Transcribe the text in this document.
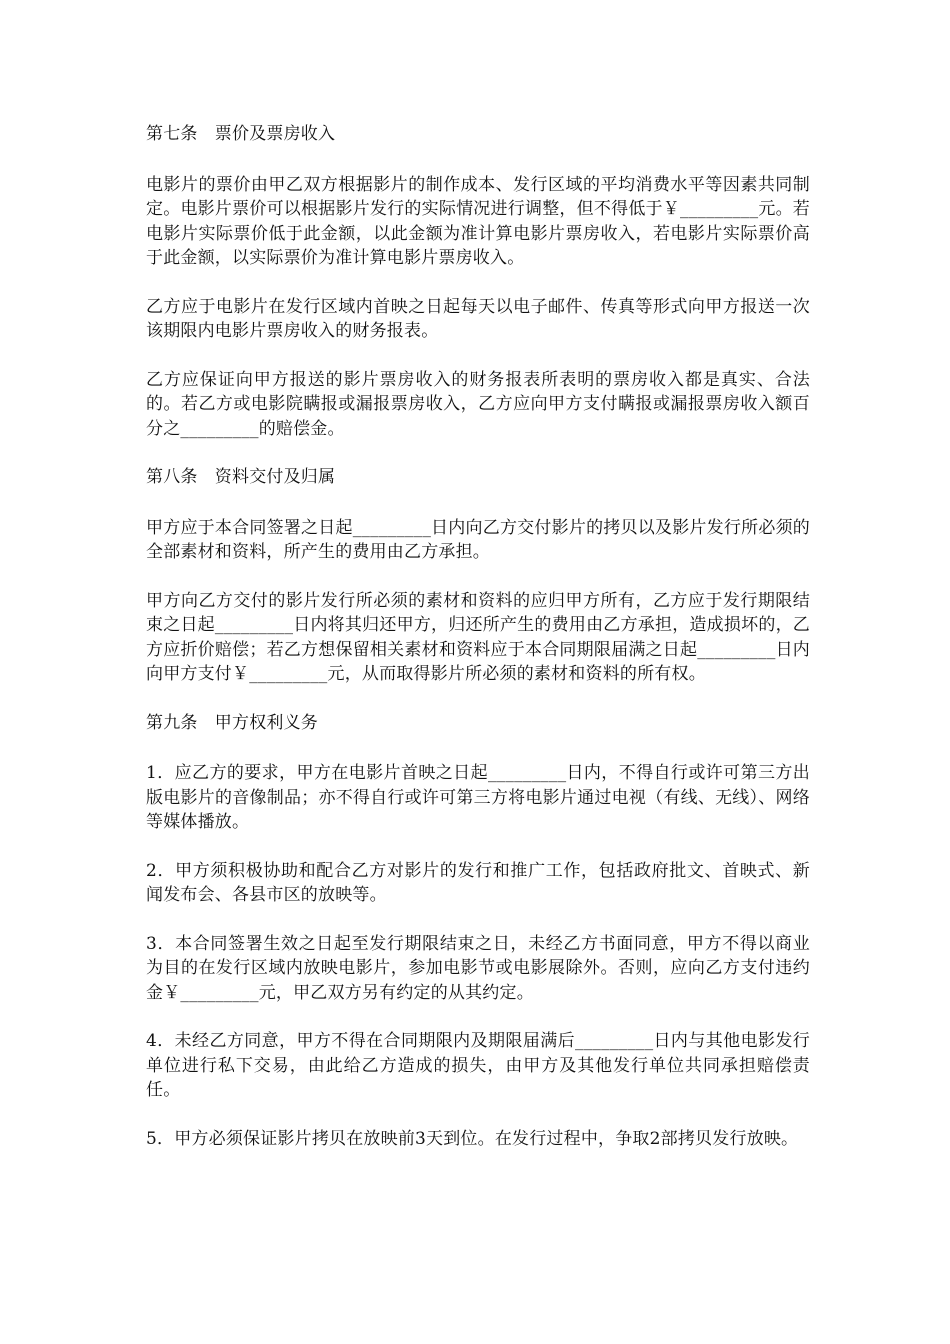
第七条　票价及票房收入

电影片的票价由甲乙双方根据影片的制作成本、发行区域的平均消费水平等因素共同制定。电影片票价可以根据影片发行的实际情况进行调整，但不得低于￥_________元。若电影片实际票价低于此金额，以此金额为准计算电影片票房收入，若电影片实际票价高于此金额，以实际票价为准计算电影片票房收入。

乙方应于电影片在发行区域内首映之日起每天以电子邮件、传真等形式向甲方报送一次该期限内电影片票房收入的财务报表。

乙方应保证向甲方报送的影片票房收入的财务报表所表明的票房收入都是真实、合法的。若乙方或电影院瞒报或漏报票房收入，乙方应向甲方支付瞒报或漏报票房收入额百分之_________的赔偿金。

第八条　资料交付及归属

甲方应于本合同签署之日起_________日内向乙方交付影片的拷贝以及影片发行所必须的全部素材和资料，所产生的费用由乙方承担。

甲方向乙方交付的影片发行所必须的素材和资料的应归甲方所有，乙方应于发行期限结束之日起_________日内将其归还甲方，归还所产生的费用由乙方承担，造成损坏的，乙方应折价赔偿；若乙方想保留相关素材和资料应于本合同期限届满之日起_________日内向甲方支付￥_________元，从而取得影片所必须的素材和资料的所有权。

第九条　甲方权利义务

1．应乙方的要求，甲方在电影片首映之日起_________日内，不得自行或许可第三方出版电影片的音像制品；亦不得自行或许可第三方将电影片通过电视（有线、无线）、网络等媒体播放。

2．甲方须积极协助和配合乙方对影片的发行和推广工作，包括政府批文、首映式、新闻发布会、各县市区的放映等。

3．本合同签署生效之日起至发行期限结束之日，未经乙方书面同意，甲方不得以商业为目的在发行区域内放映电影片，参加电影节或电影展除外。否则，应向乙方支付违约金￥_________元，甲乙双方另有约定的从其约定。

4．未经乙方同意，甲方不得在合同期限内及期限届满后_________日内与其他电影发行单位进行私下交易，由此给乙方造成的损失，由甲方及其他发行单位共同承担赔偿责任。

5．甲方必须保证影片拷贝在放映前3天到位。在发行过程中，争取2部拷贝发行放映。
